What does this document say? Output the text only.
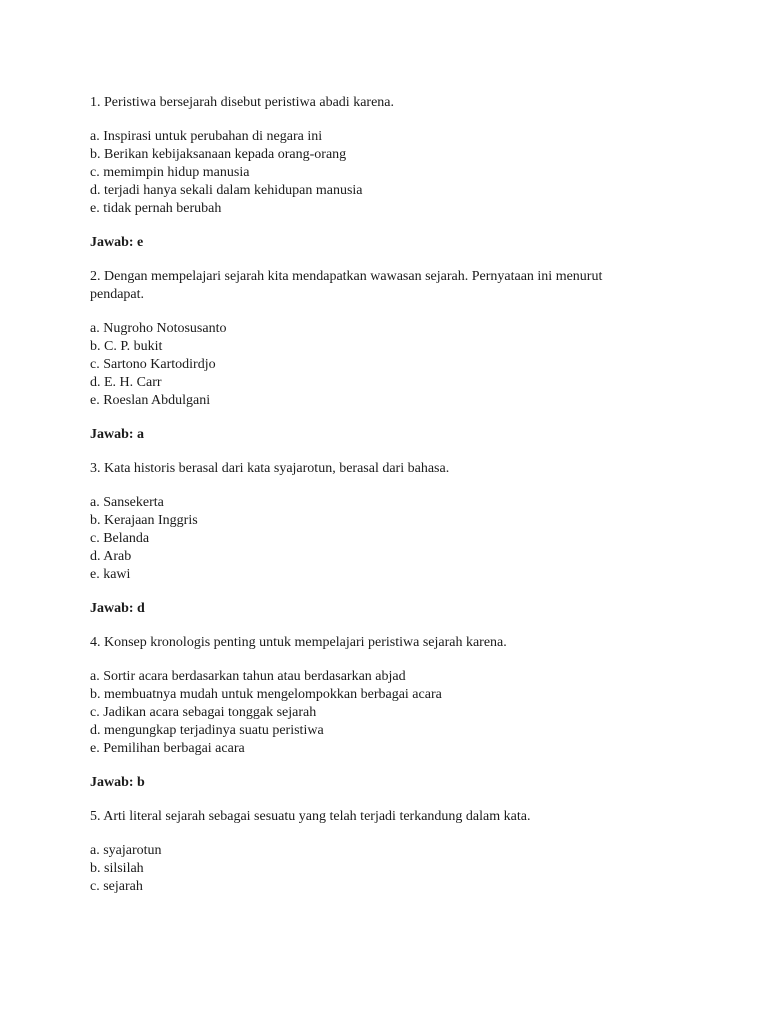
1. Peristiwa bersejarah disebut peristiwa abadi karena.

a. Inspirasi untuk perubahan di negara ini
b. Berikan kebijaksanaan kepada orang-orang
c. memimpin hidup manusia
d. terjadi hanya sekali dalam kehidupan manusia
e. tidak pernah berubah

Jawab: e

2. Dengan mempelajari sejarah kita mendapatkan wawasan sejarah. Pernyataan ini menurut pendapat.

a. Nugroho Notosusanto
b. C. P. bukit
c. Sartono Kartodirdjo
d. E. H. Carr
e. Roeslan Abdulgani

Jawab: a

3. Kata historis berasal dari kata syajarotun, berasal dari bahasa.

a. Sansekerta
b. Kerajaan Inggris
c. Belanda
d. Arab
e. kawi

Jawab: d

4. Konsep kronologis penting untuk mempelajari peristiwa sejarah karena.

a. Sortir acara berdasarkan tahun atau berdasarkan abjad
b. membuatnya mudah untuk mengelompokkan berbagai acara
c. Jadikan acara sebagai tonggak sejarah
d. mengungkap terjadinya suatu peristiwa
e. Pemilihan berbagai acara

Jawab: b

5. Arti literal sejarah sebagai sesuatu yang telah terjadi terkandung dalam kata.

a. syajarotun
b. silsilah
c. sejarah
